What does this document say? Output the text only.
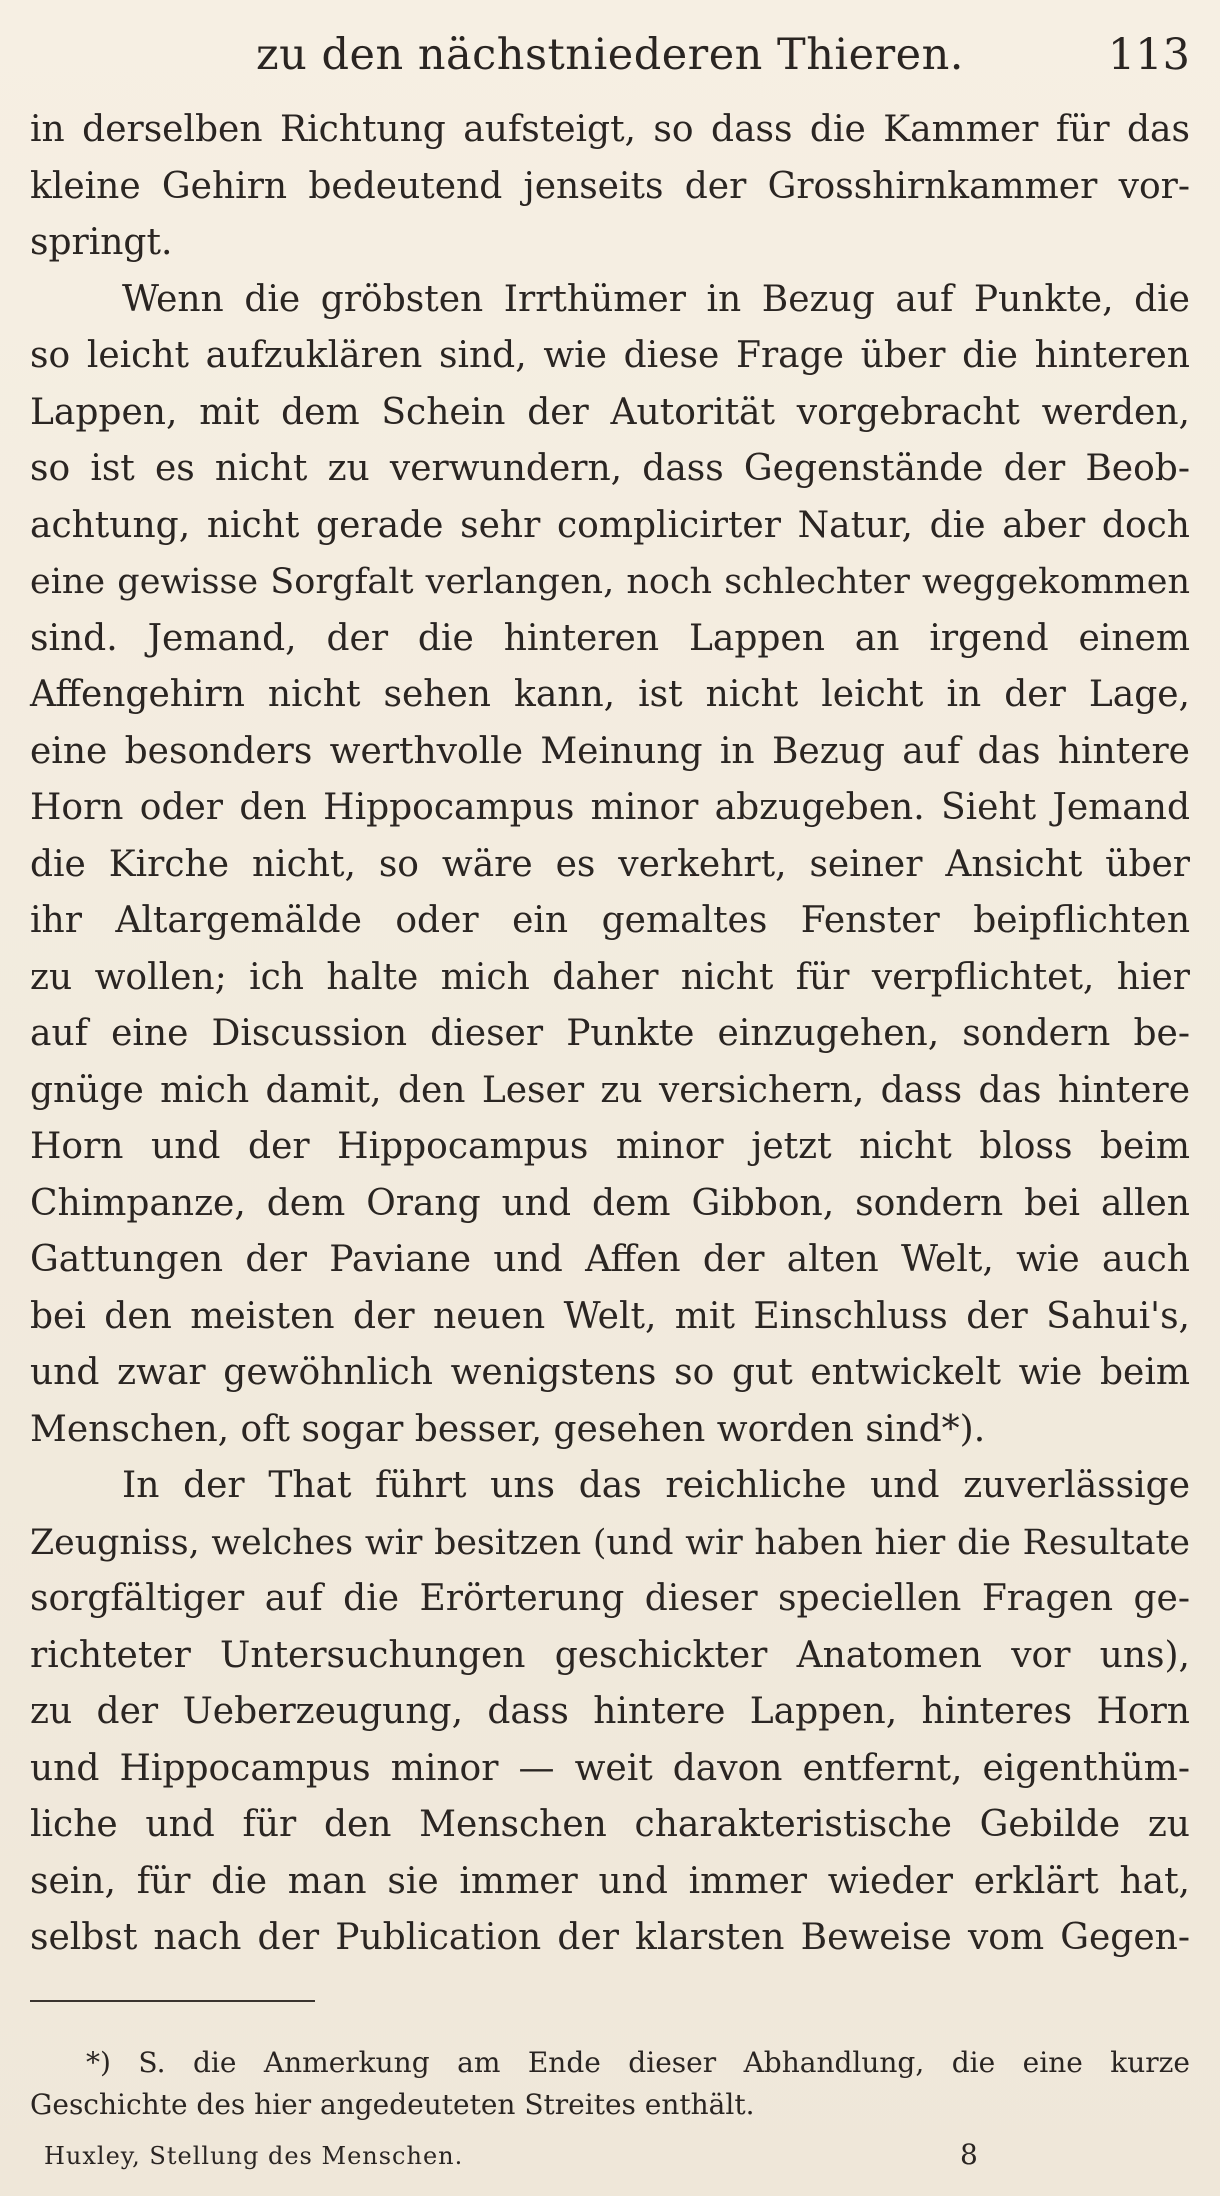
zu den nächstniederen Thieren.	113
in derselben Richtung aufsteigt, so dass die Kammer für das
kleine Gehirn bedeutend jenseits der Grosshirnkammer vor-
springt.
Wenn die gröbsten Irrthümer in Bezug auf Punkte, die
so leicht aufzuklären sind, wie diese Frage über die hinteren
Lappen, mit dem Schein der Autorität vorgebracht werden,
so ist es nicht zu verwundern, dass Gegenstände der Beob-
achtung, nicht gerade sehr complicirter Natur, die aber doch
eine gewisse Sorgfalt verlangen, noch schlechter weggekommen
sind. Jemand, der die hinteren Lappen an irgend einem
Affengehirn nicht sehen kann, ist nicht leicht in der Lage,
eine besonders werthvolle Meinung in Bezug auf das hintere
Horn oder den Hippocampus minor abzugeben. Sieht Jemand
die Kirche nicht, so wäre es verkehrt, seiner Ansicht über
ihr Altargemälde oder ein gemaltes Fenster beipflichten
zu wollen; ich halte mich daher nicht für verpflichtet, hier
auf eine Discussion dieser Punkte einzugehen, sondern be-
gnüge mich damit, den Leser zu versichern, dass das hintere
Horn und der Hippocampus minor jetzt nicht bloss beim
Chimpanze, dem Orang und dem Gibbon, sondern bei allen
Gattungen der Paviane und Affen der alten Welt, wie auch
bei den meisten der neuen Welt, mit Einschluss der Sahui's,
und zwar gewöhnlich wenigstens so gut entwickelt wie beim
Menschen, oft sogar besser, gesehen worden sind*).
In der That führt uns das reichliche und zuverlässige
Zeugniss, welches wir besitzen (und wir haben hier die Resultate
sorgfältiger auf die Erörterung dieser speciellen Fragen ge-
richteter Untersuchungen geschickter Anatomen vor uns),
zu der Ueberzeugung, dass hintere Lappen, hinteres Horn
und Hippocampus minor — weit davon entfernt, eigenthüm-
liche und für den Menschen charakteristische Gebilde zu
sein, für die man sie immer und immer wieder erklärt hat,
selbst nach der Publication der klarsten Beweise vom Gegen-
*) S. die Anmerkung am Ende dieser Abhandlung, die eine kurze
Geschichte des hier angedeuteten Streites enthält.
Huxley, Stellung des Menschen.	8
